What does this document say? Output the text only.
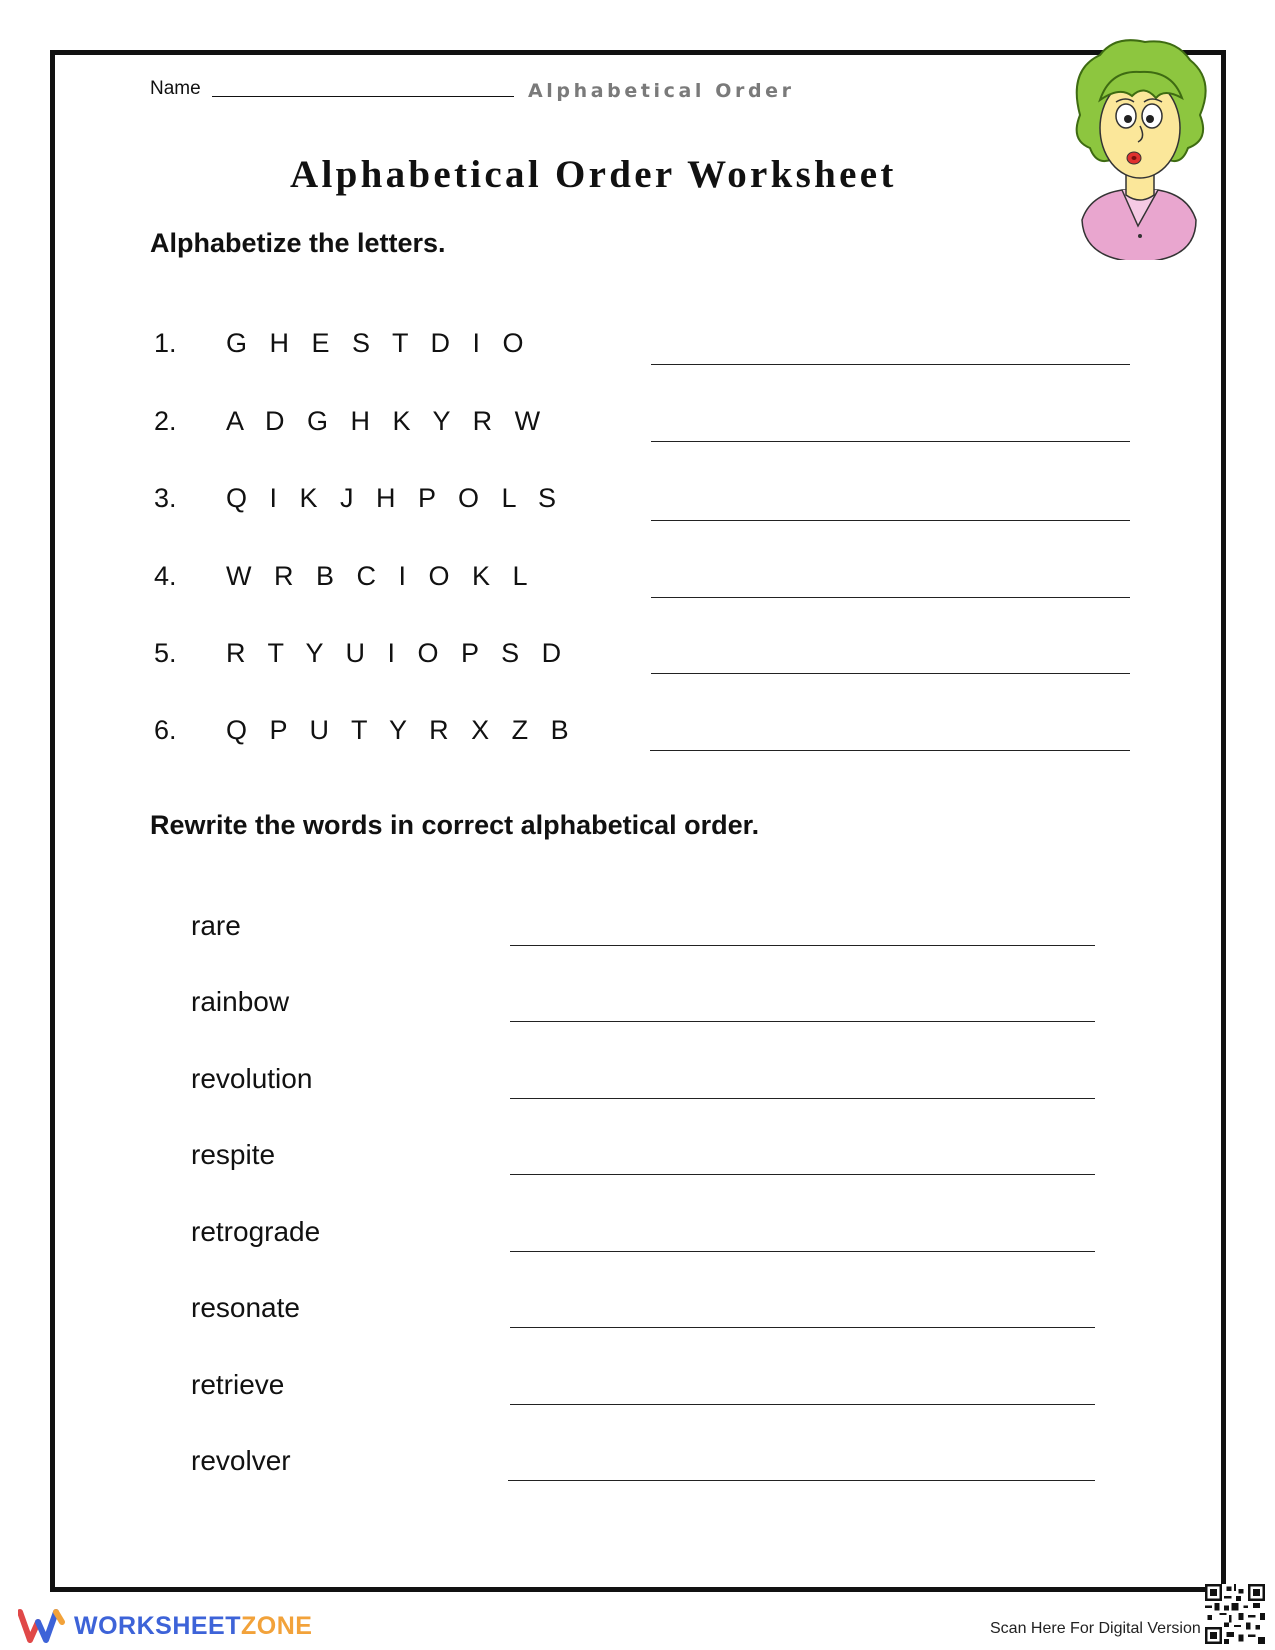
Name	Alphabetical Order
Alphabetical Order Worksheet
Alphabetize the letters.
1. G H E S T D I O
2. A D G H K Y R W
3. Q I K J H P O L S
4. W R B C I O K L
5. R T Y U I O P S D
6. Q P U T Y R X Z B
Rewrite the words in correct alphabetical order.
rare
rainbow
revolution
respite
retrograde
resonate
retrieve
revolver
WORKSHEETZONE	Scan Here For Digital Version
